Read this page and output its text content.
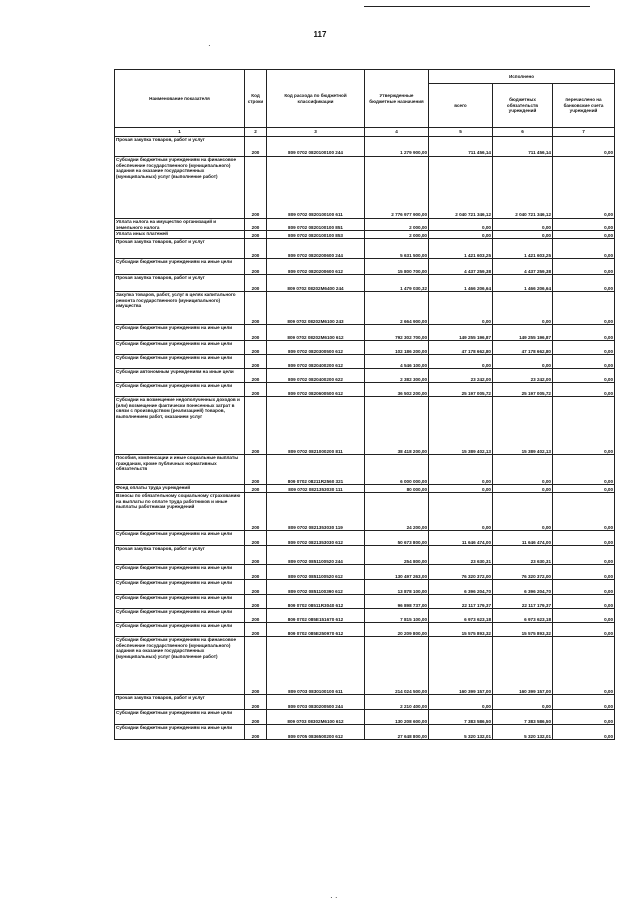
117
·
· ·
Наименование показателя	Код строки	Код расхода по бюджетной классификации	Утвержденные бюджетные назначения	Исполнено		
				всего	бюджетных обязательств учреждений	перечислено на банковские счета учреждений
1	2	3	4	5	6	7
Прочая закупка товаров, работ и услуг	200	809 0702 0820100100 244	1 279 900,00	711 456,14	711 456,14	0,00
Субсидии бюджетным учреждениям на финансовое обеспечение государственного (муниципального) задания на оказание государственных (муниципальных) услуг (выполнение работ)	200	809 0702 0820100100 611	2 776 977 900,00	2 040 721 346,12	2 040 721 346,12	0,00
Уплата налога на имущество организаций и земельного налога	200	809 0702 0820100100 851	2 000,00	0,00	0,00	0,00
Уплата иных платежей	200	809 0702 0820100100 853	2 000,00	0,00	0,00	0,00
Прочая закупка товаров, работ и услуг	200	809 0702 0820200600 244	5 631 500,00	1 421 603,25	1 421 603,25	0,00
Субсидии бюджетным учреждениям на иные цели	200	809 0702 0820200600 612	15 800 700,00	4 437 259,38	4 437 259,38	0,00
Прочая закупка товаров, работ и услуг	200	809 0702 08202М6400 244	1 479 030,32	1 466 206,64	1 466 206,64	0,00
Закупка товаров, работ, услуг в целях капитального ремонта государственного (муниципального) имущества	200	809 0702 08202М6100 243	2 664 900,00	0,00	0,00	0,00
Субсидии бюджетным учреждениям на иные цели	200	809 0702 08202М6100 612	792 302 700,00	149 255 196,87	149 255 196,87	0,00
Субсидии бюджетным учреждениям на иные цели	200	809 0702 0820300500 612	102 186 200,00	47 178 662,80	47 178 662,80	0,00
Субсидии бюджетным учреждениям на иные цели	200	809 0702 0820400200 612	4 546 100,00	0,00	0,00	0,00
Субсидии автономным учреждениям на иные цели	200	809 0702 0820400200 622	2 382 300,00	23 242,00	23 242,00	0,00
Субсидии бюджетным учреждениям на иные цели	200	809 0702 0820600500 612	36 502 200,00	25 197 005,72	25 197 005,72	0,00
Субсидии на возмещение недополученных доходов и (или) возмещение фактически понесенных затрат в связи с производством (реализацией) товаров, выполнением работ, оказанием услуг	200	809 0702 0821000200 811	38 418 200,00	15 389 402,13	15 389 402,13	0,00
Пособия, компенсации и иные социальные выплаты гражданам, кроме публичных нормативных обязательств	200	809 0702 08211R2560 321	6 000 000,00	0,00	0,00	0,00
Фонд оплаты труда учреждений	200	809 0702 0821353030 111	80 000,00	0,00	0,00	0,00
Взносы по обязательному социальному страхованию на выплаты по оплате труда работников и иные выплаты работникам учреждений	200	809 0702 0821353030 119	24 200,00	0,00	0,00	0,00
Субсидии бюджетным учреждениям на иные цели	200	809 0702 0821353030 612	50 673 800,00	11 646 474,00	11 646 474,00	0,00
Прочая закупка товаров, работ и услуг	200	809 0702 0851100520 244	254 800,00	23 630,31	23 630,31	0,00
Субсидии бюджетным учреждениям на иные цели	200	809 0702 0851100520 612	130 497 263,00	76 320 372,00	76 320 372,00	0,00
Субсидии бюджетным учреждениям на иные цели	200	809 0702 0851100390 612	13 878 100,00	6 396 204,70	6 396 204,70	0,00
Субсидии бюджетным учреждениям на иные цели	200	809 0702 08511R3040 612	96 898 737,00	22 117 179,37	22 117 179,37	0,00
Субсидии бюджетным учреждениям на иные цели	200	809 0702 085Е151670 612	7 815 100,00	6 973 623,18	6 973 623,18	0,00
Субсидии бюджетным учреждениям на иные цели	200	809 0702 085Е250970 612	20 209 800,00	15 575 893,32	15 575 893,32	0,00
Субсидии бюджетным учреждениям на финансовое обеспечение государственного (муниципального) задания на оказание государственных (муниципальных) услуг (выполнение работ)	200	809 0703 0830100100 611	214 024 500,00	160 399 157,00	160 399 157,00	0,00
Прочая закупка товаров, работ и услуг	200	809 0703 0830200500 244	2 210 400,00	0,00	0,00	0,00
Субсидии бюджетным учреждениям на иные цели	200	809 0703 08302М6100 612	130 208 600,00	7 383 586,50	7 383 586,50	0,00
Субсидии бюджетным учреждениям на иные цели	200	809 0705 0836500200 612	27 648 800,00	5 320 132,01	5 320 132,01	0,00
